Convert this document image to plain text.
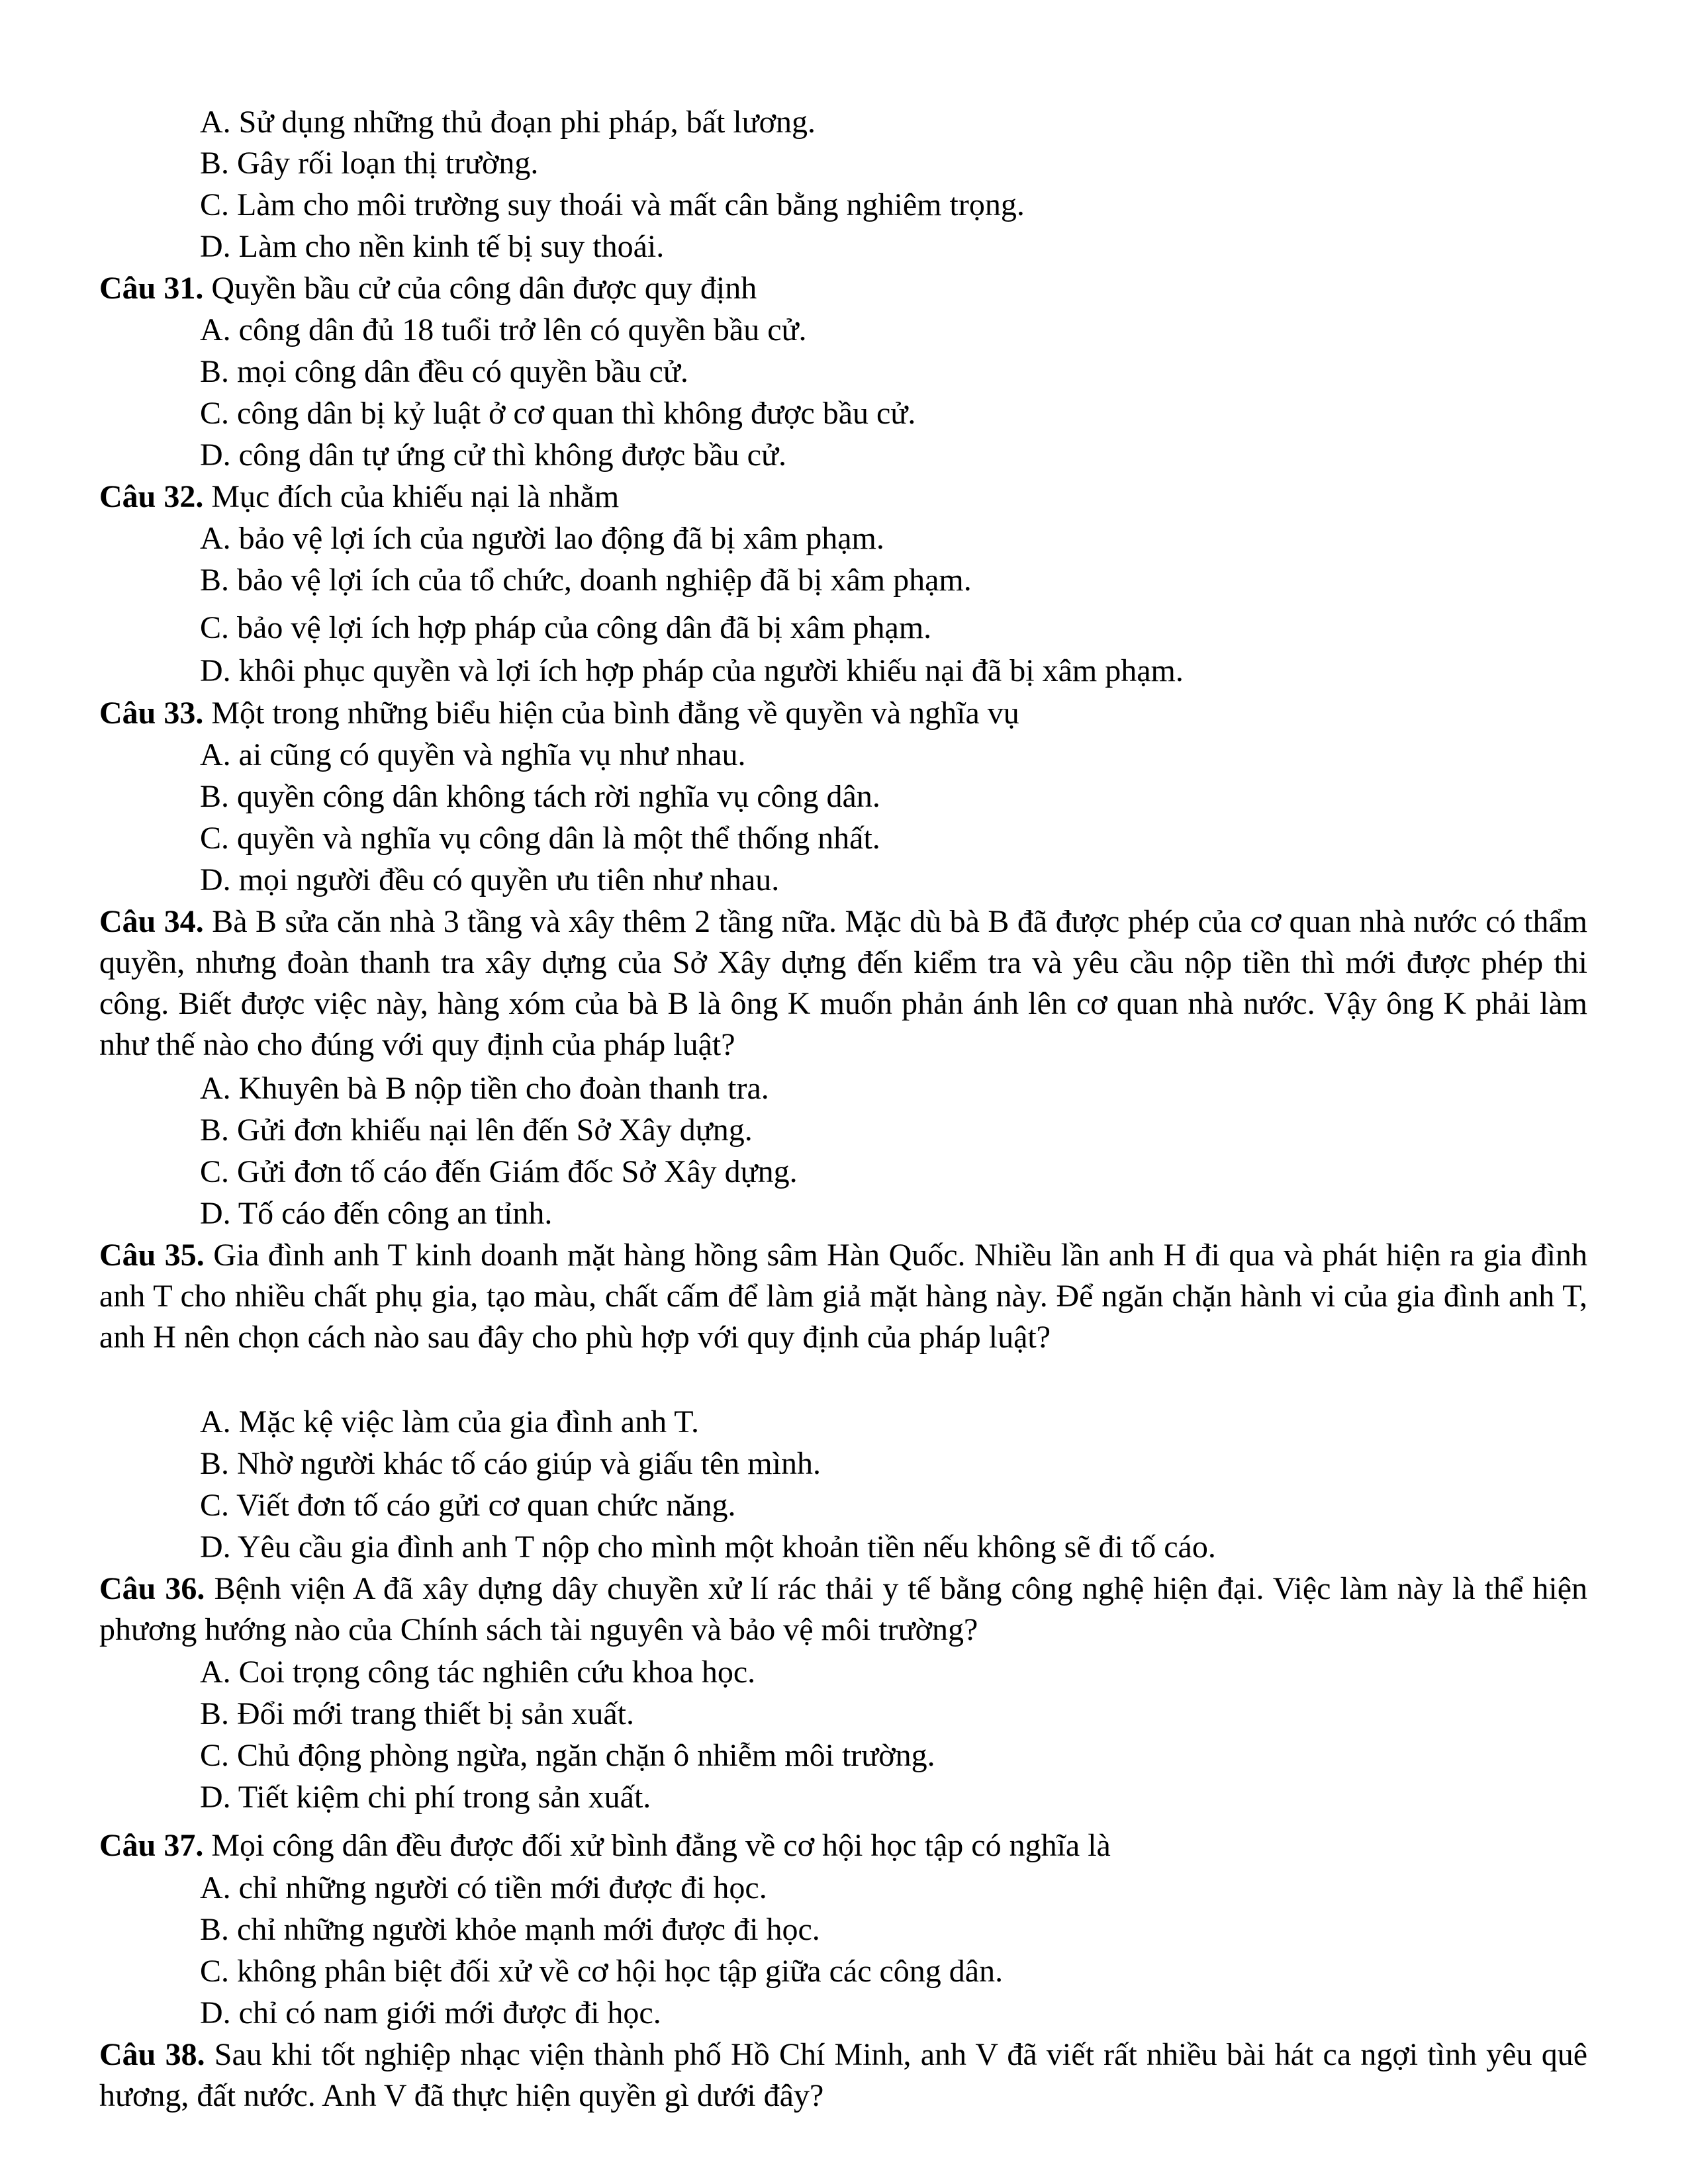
A. Sử dụng những thủ đoạn phi pháp, bất lương.
B. Gây rối loạn thị trường.
C. Làm cho môi trường suy thoái và mất cân bằng nghiêm trọng.
D. Làm cho nền kinh tế bị suy thoái.
Câu 31. Quyền bầu cử của công dân được quy định
A. công dân đủ 18 tuổi trở lên có quyền bầu cử.
B. mọi công dân đều có quyền bầu cử.
C. công dân bị kỷ luật ở cơ quan thì không được bầu cử.
D. công dân tự ứng cử thì không được bầu cử.
Câu 32. Mục đích của khiếu nại là nhằm
A. bảo vệ lợi ích của người lao động đã bị xâm phạm.
B. bảo vệ lợi ích của tổ chức, doanh nghiệp đã bị xâm phạm.
C. bảo vệ lợi ích hợp pháp của công dân đã bị xâm phạm.
D. khôi phục quyền và lợi ích hợp pháp của người khiếu nại đã bị xâm phạm.
Câu 33. Một trong những biểu hiện của bình đẳng về quyền và nghĩa vụ
A. ai cũng có quyền và nghĩa vụ như nhau.
B. quyền công dân không tách rời nghĩa vụ công dân.
C. quyền và nghĩa vụ công dân là một thể thống nhất.
D. mọi người đều có quyền ưu tiên như nhau.
Câu 34. Bà B sửa căn nhà 3 tầng và xây thêm 2 tầng nữa. Mặc dù bà B đã được phép của cơ quan nhà nước có thẩm quyền, nhưng đoàn thanh tra xây dựng của Sở Xây dựng đến kiểm tra và yêu cầu nộp tiền thì mới được phép thi công. Biết được việc này, hàng xóm của bà B là ông K muốn phản ánh lên cơ quan nhà nước. Vậy ông K phải làm như thế nào cho đúng với quy định của pháp luật?
A. Khuyên bà B nộp tiền cho đoàn thanh tra.
B. Gửi đơn khiếu nại lên đến Sở Xây dựng.
C. Gửi đơn tố cáo đến Giám đốc Sở Xây dựng.
D. Tố cáo đến công an tỉnh.
Câu 35. Gia đình anh T kinh doanh mặt hàng hồng sâm Hàn Quốc. Nhiều lần anh H đi qua và phát hiện ra gia đình anh T cho nhiều chất phụ gia, tạo màu, chất cấm để làm giả mặt hàng này. Để ngăn chặn hành vi của gia đình anh T, anh H nên chọn cách nào sau đây cho phù hợp với quy định của pháp luật?
A. Mặc kệ việc làm của gia đình anh T.
B. Nhờ người khác tố cáo giúp và giấu tên mình.
C. Viết đơn tố cáo gửi cơ quan chức năng.
D. Yêu cầu gia đình anh T nộp cho mình một khoản tiền nếu không sẽ đi tố cáo.
Câu 36. Bệnh viện A đã xây dựng dây chuyền xử lí rác thải y tế bằng công nghệ hiện đại. Việc làm này là thể hiện phương hướng nào của Chính sách tài nguyên và bảo vệ môi trường?
A. Coi trọng công tác nghiên cứu khoa học.
B. Đổi mới trang thiết bị sản xuất.
C. Chủ động phòng ngừa, ngăn chặn ô nhiễm môi trường.
D. Tiết kiệm chi phí trong sản xuất.
Câu 37. Mọi công dân đều được đối xử bình đẳng về cơ hội học tập có nghĩa là
A. chỉ những người có tiền mới được đi học.
B. chỉ những người khỏe mạnh mới được đi học.
C. không phân biệt đối xử về cơ hội học tập giữa các công dân.
D. chỉ có nam giới mới được đi học.
Câu 38. Sau khi tốt nghiệp nhạc viện thành phố Hồ Chí Minh, anh V đã viết rất nhiều bài hát ca ngợi tình yêu quê hương, đất nước. Anh V đã thực hiện quyền gì dưới đây?
